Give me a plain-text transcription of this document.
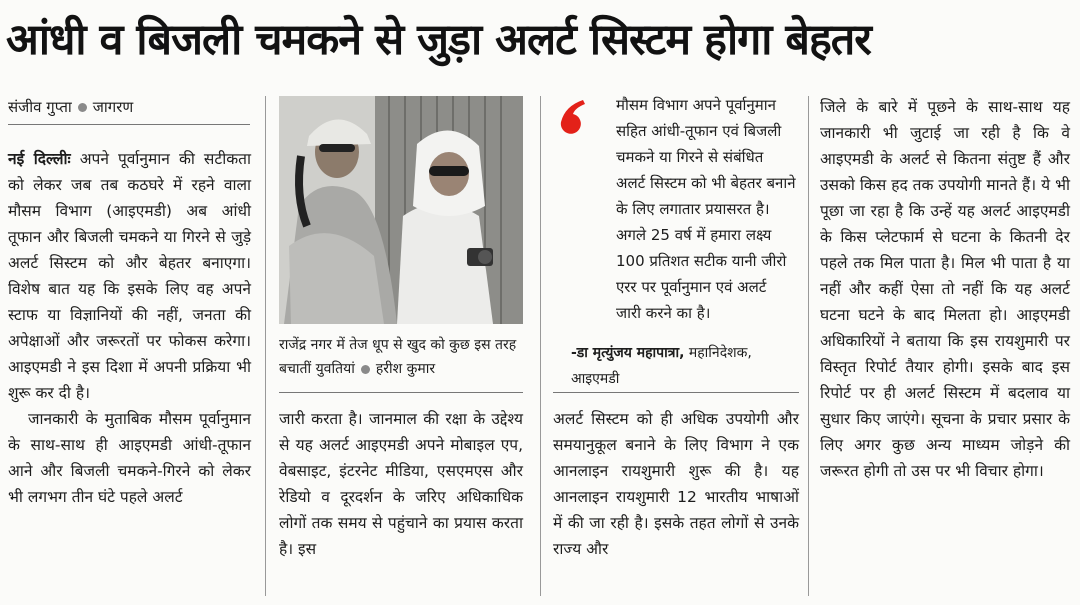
आंधी व बिजली चमकने से जुड़ा अलर्ट सिस्टम होगा बेहतर
संजीव गुप्ता जागरण

नई दिल्लीः अपने पूर्वानुमान की सटीकता को लेकर जब तब कठघरे में रहने वाला मौसम विभाग (आइएमडी) अब आंधी तूफान और बिजली चमकने या गिरने से जुड़े अलर्ट सिस्टम को और बेहतर बनाएगा। विशेष बात यह कि इसके लिए वह अपने स्टाफ या विज्ञानियों की नहीं, जनता की अपेक्षाओं और जरूरतों पर फोकस करेगा। आइएमडी ने इस दिशा में अपनी प्रक्रिया भी शुरू कर दी है।

जानकारी के मुताबिक मौसम पूर्वानुमान के साथ-साथ ही आइएमडी आंधी-तूफान आने और बिजली चमकने-गिरने को लेकर भी लगभग तीन घंटे पहले अलर्ट

राजेंद्र नगर में तेज धूप से खुद को कुछ इस तरह बचातीं युवतियां हरीश कुमार

जारी करता है। जानमाल की रक्षा के उद्देश्य से यह अलर्ट आइएमडी अपने मोबाइल एप, वेबसाइट, इंटरनेट मीडिया, एसएमएस और रेडियो व दूरदर्शन के जरिए अधिकाधिक लोगों तक समय से पहुंचाने का प्रयास करता है। इस

मौसम विभाग अपने पूर्वानुमान सहित आंधी-तूफान एवं बिजली चमकने या गिरने से संबंधित अलर्ट सिस्टम को भी बेहतर बनाने के लिए लगातार प्रयासरत है। अगले 25 वर्ष में हमारा लक्ष्य 100 प्रतिशत सटीक यानी जीरो एरर पर पूर्वानुमान एवं अलर्ट जारी करने का है।
-डा मृत्युंजय महापात्रा, महानिदेशक, आइएमडी

अलर्ट सिस्टम को ही अधिक उपयोगी और समयानुकूल बनाने के लिए विभाग ने एक आनलाइन रायशुमारी शुरू की है। यह आनलाइन रायशुमारी 12 भारतीय भाषाओं में की जा रही है। इसके तहत लोगों से उनके राज्य और

जिले के बारे में पूछने के साथ-साथ यह जानकारी भी जुटाई जा रही है कि वे आइएमडी के अलर्ट से कितना संतुष्ट हैं और उसको किस हद तक उपयोगी मानते हैं। ये भी पूछा जा रहा है कि उन्हें यह अलर्ट आइएमडी के किस प्लेटफार्म से घटना के कितनी देर पहले तक मिल पाता है। मिल भी पाता है या नहीं और कहीं ऐसा तो नहीं कि यह अलर्ट घटना घटने के बाद मिलता हो। आइएमडी अधिकारियों ने बताया कि इस रायशुमारी पर विस्तृत रिपोर्ट तैयार होगी। इसके बाद इस रिपोर्ट पर ही अलर्ट सिस्टम में बदलाव या सुधार किए जाएंगे। सूचना के प्रचार प्रसार के लिए अगर कुछ अन्य माध्यम जोड़ने की जरूरत होगी तो उस पर भी विचार होगा।
